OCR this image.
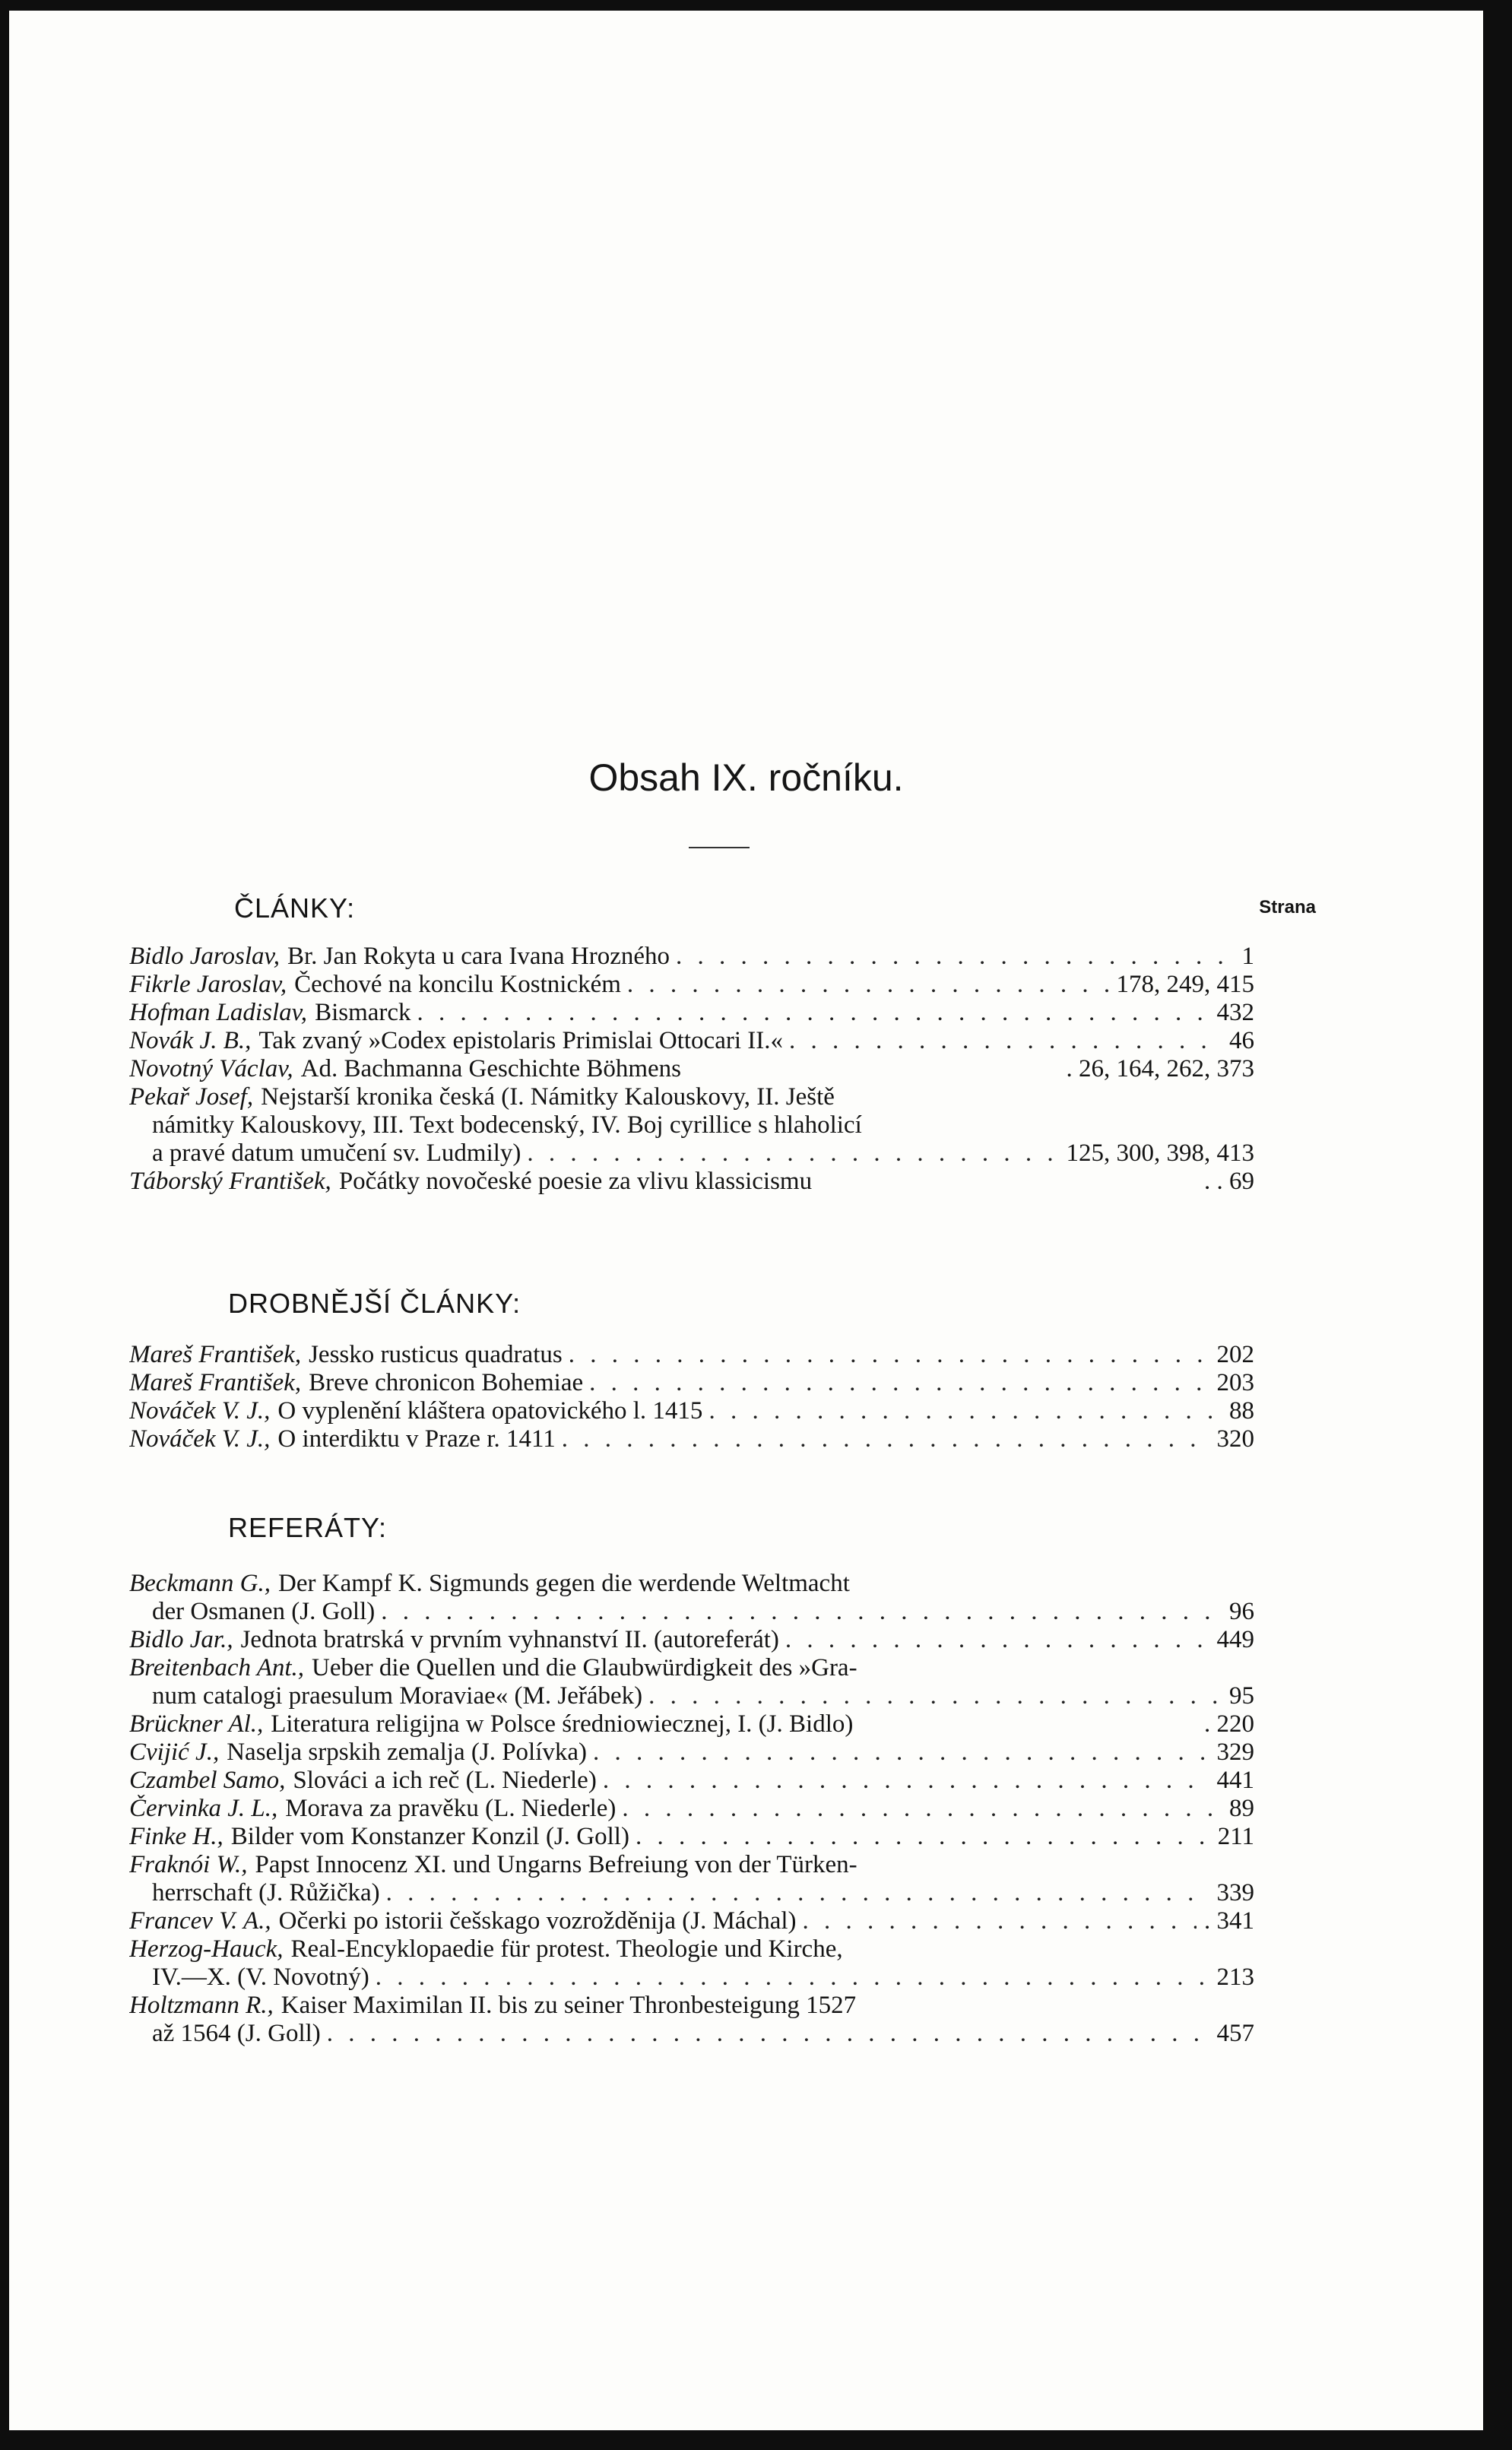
Obsah IX. ročníku.
ČLÁNKY:	Strana
Bidlo Jaroslav, Br. Jan Rokyta u cara Ivana Hrozného . . .	1
Fikrle Jaroslav, Čechové na koncilu Kostnickém . . .	178, 249, 415
Hofman Ladislav, Bismarck . . .	432
Novák J. B., Tak zvaný »Codex epistolaris Primislai Ottocari II.« . . .	46
Novotný Václav, Ad. Bachmanna Geschichte Böhmens	. 26, 164, 262, 373
Pekař Josef, Nejstarší kronika česká (I. Námitky Kalouskovy, II. Ještě
námitky Kalouskovy, III. Text bodecenský, IV. Boj cyrillice s hlaholicí
a pravé datum umučení sv. Ludmily) . . .	125, 300, 398, 413
Táborský František, Počátky novočeské poesie za vlivu klassicismu	. . 69
DROBNĚJŠÍ ČLÁNKY:
Mareš František, Jessko rusticus quadratus . . .	202
Mareš František, Breve chronicon Bohemiae . . .	203
Nováček V. J., O vyplenění kláštera opatovického l. 1415 . . .	88
Nováček V. J., O interdiktu v Praze r. 1411 . . .	320
REFERÁTY:
Beckmann G., Der Kampf K. Sigmunds gegen die werdende Weltmacht
der Osmanen (J. Goll) . . .	96
Bidlo Jar., Jednota bratrská v prvním vyhnanství II. (autoreferát) . . .	449
Breitenbach Ant., Ueber die Quellen und die Glaubwürdigkeit des »Gra-
num catalogi praesulum Moraviae« (M. Jeřábek) . . .	95
Brückner Al., Literatura religijna w Polsce średniowiecznej, I. (J. Bidlo)	. 220
Cvijić J., Naselja srpskih zemalja (J. Polívka) . . .	329
Czambel Samo, Slováci a ich reč (L. Niederle) . . .	441
Červinka J. L., Morava za pravěku (L. Niederle) . . .	89
Finke H., Bilder vom Konstanzer Konzil (J. Goll) . . .	211
Fraknói W., Papst Innocenz XI. und Ungarns Befreiung von der Türken-
herrschaft (J. Růžička) . . .	339
Francev V. A., Očerki po istorii češskago vozrožděnija (J. Máchal) . . .	. 341
Herzog-Hauck, Real-Encyklopaedie für protest. Theologie und Kirche,
IV.—X. (V. Novotný) . . .	213
Holtzmann R., Kaiser Maximilan II. bis zu seiner Thronbesteigung 1527
až 1564 (J. Goll) . . .	457
